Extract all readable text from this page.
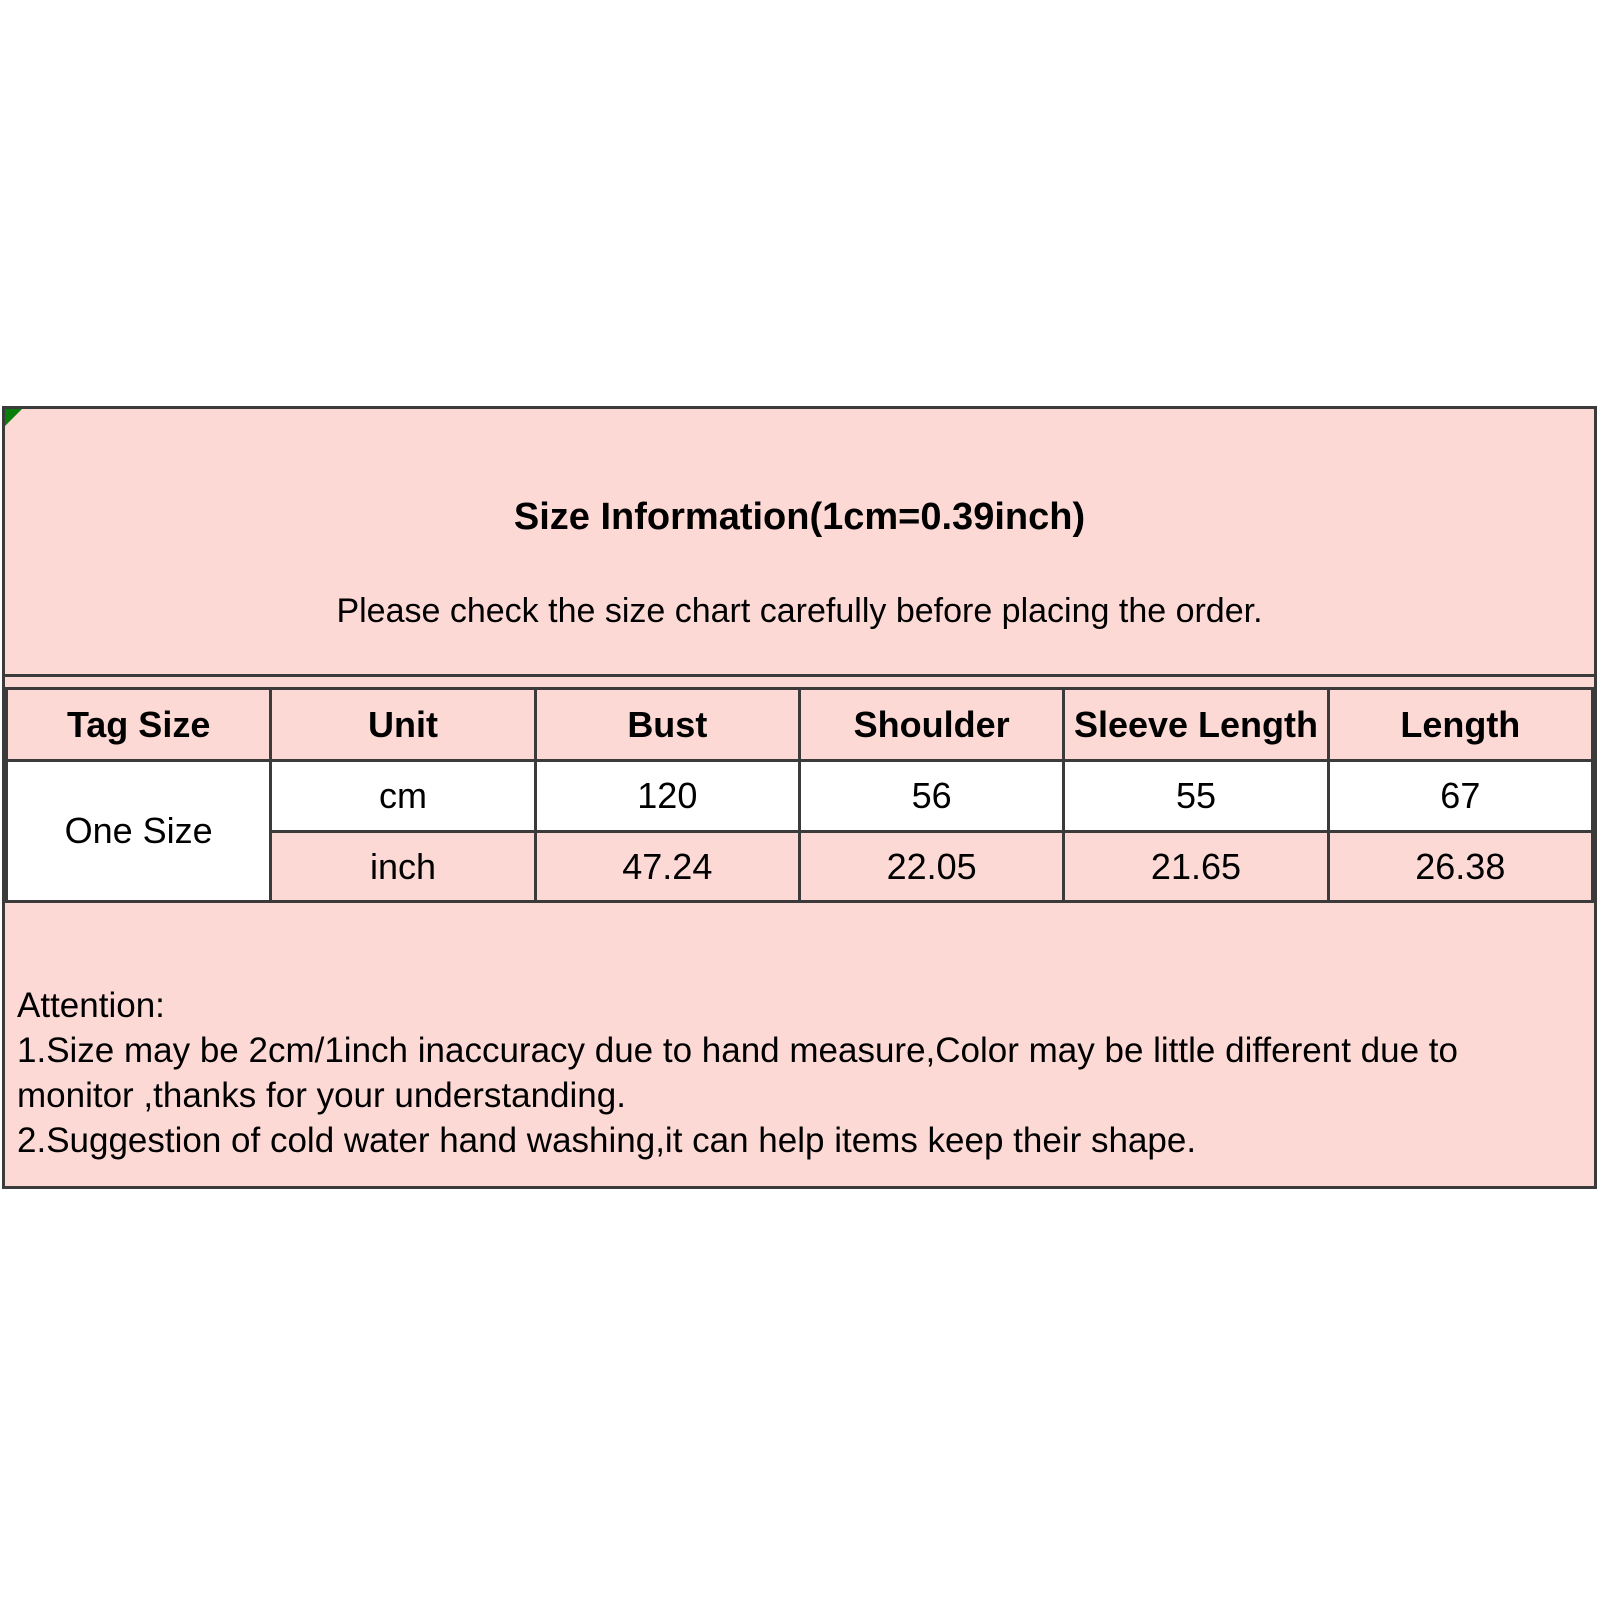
Size Information(1cm=0.39inch)
Please check the size chart carefully before placing the order.
Tag Size	Unit	Bust	Shoulder	Sleeve Length	Length
One Size	cm	120	56	55	67
	inch	47.24	22.05	21.65	26.38
Attention:
1.Size may be 2cm/1inch inaccuracy due to hand measure,Color may be little different due to
monitor ,thanks for your understanding.
2.Suggestion of cold water hand washing,it can help items keep their shape.
